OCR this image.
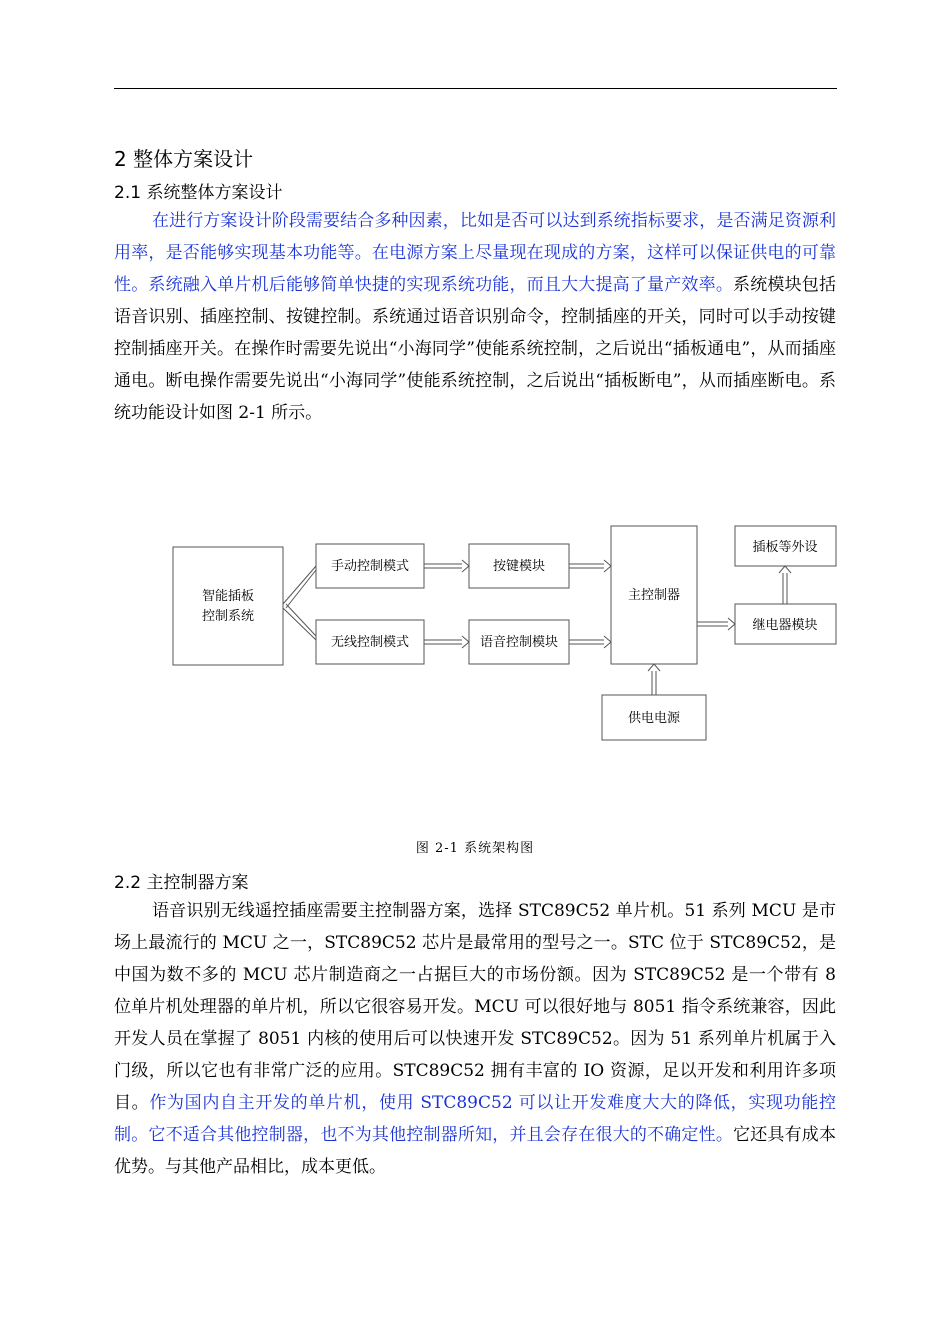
2 整体方案设计
2.1 系统整体方案设计

在进行方案设计阶段需要结合多种因素，比如是否可以达到系统指标要求，是否满足资源利用率，是否能够实现基本功能等。在电源方案上尽量现在现成的方案，这样可以保证供电的可靠性。系统融入单片机后能够简单快捷的实现系统功能，而且大大提高了量产效率。系统模块包括语音识别、插座控制、按键控制。系统通过语音识别命令，控制插座的开关，同时可以手动按键控制插座开关。在操作时需要先说出“小海同学”使能系统控制，之后说出“插板通电”，从而插座通电。断电操作需要先说出“小海同学”使能系统控制，之后说出“插板断电”，从而插座断电。系统功能设计如图 2-1 所示。

智能插板
控制系统
手动控制模式
无线控制模式
按键模块
语音控制模块
主控制器
插板等外设
继电器模块
供电电源
图 2-1 系统架构图
2.2 主控制器方案

语音识别无线遥控插座需要主控制器方案，选择 STC89C52 单片机。51 系列 MCU 是市场上最流行的 MCU 之一，STC89C52 芯片是最常用的型号之一。STC 位于 STC89C52，是中国为数不多的 MCU 芯片制造商之一占据巨大的市场份额。因为 STC89C52 是一个带有 8 位单片机处理器的单片机，所以它很容易开发。MCU 可以很好地与 8051 指令系统兼容，因此开发人员在掌握了 8051 内核的使用后可以快速开发 STC89C52。因为 51 系列单片机属于入门级，所以它也有非常广泛的应用。STC89C52 拥有丰富的 IO 资源，足以开发和利用许多项目。作为国内自主开发的单片机，使用 STC89C52 可以让开发难度大大的降低，实现功能控制。它不适合其他控制器，也不为其他控制器所知，并且会存在很大的不确定性。它还具有成本优势。与其他产品相比，成本更低。
